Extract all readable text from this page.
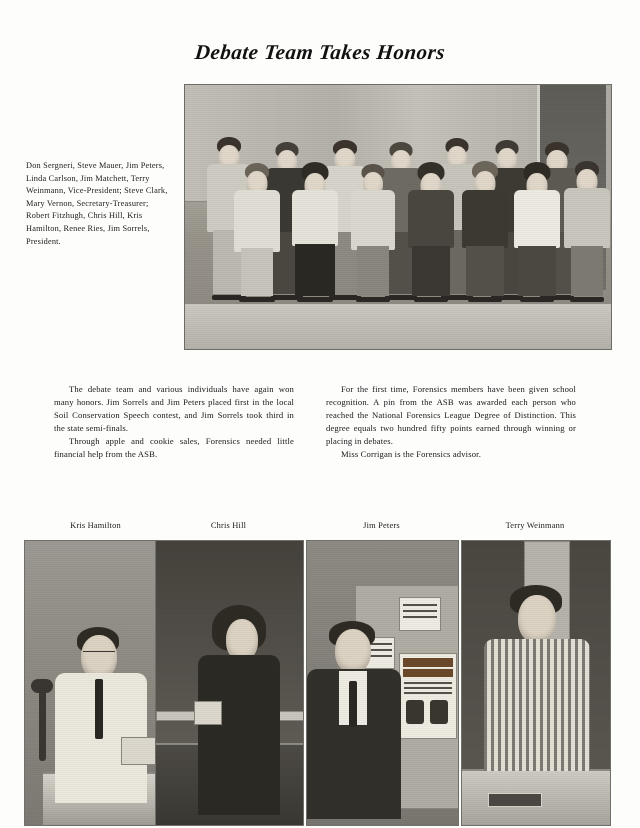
Debate Team Takes Honors
Don Sergneri, Steve Mauer, Jim Peters, Linda Carlson, Jim Matchett, Terry Weinmann, Vice-President; Steve Clark, Mary Vernon, Secretary-Treasurer; Robert Fitzhugh, Chris Hill, Kris Hamilton, Renee Ries, Jim Sorrels, President.

The debate team and various individuals have again won many honors. Jim Sorrels and Jim Peters placed first in the local Soil Conservation Speech contest, and Jim Sorrels took third in the state semi-finals.

Through apple and cookie sales, Forensics needed little financial help from the ASB.

For the first time, Forensics members have been given school recognition. A pin from the ASB was awarded each person who reached the National Forensics League Degree of Distinction. This degree equals two hundred fifty points earned through winning or placing in debates.

Miss Corrigan is the Forensics advisor.

Kris Hamilton	Chris Hill	Jim Peters	Terry Weinmann
